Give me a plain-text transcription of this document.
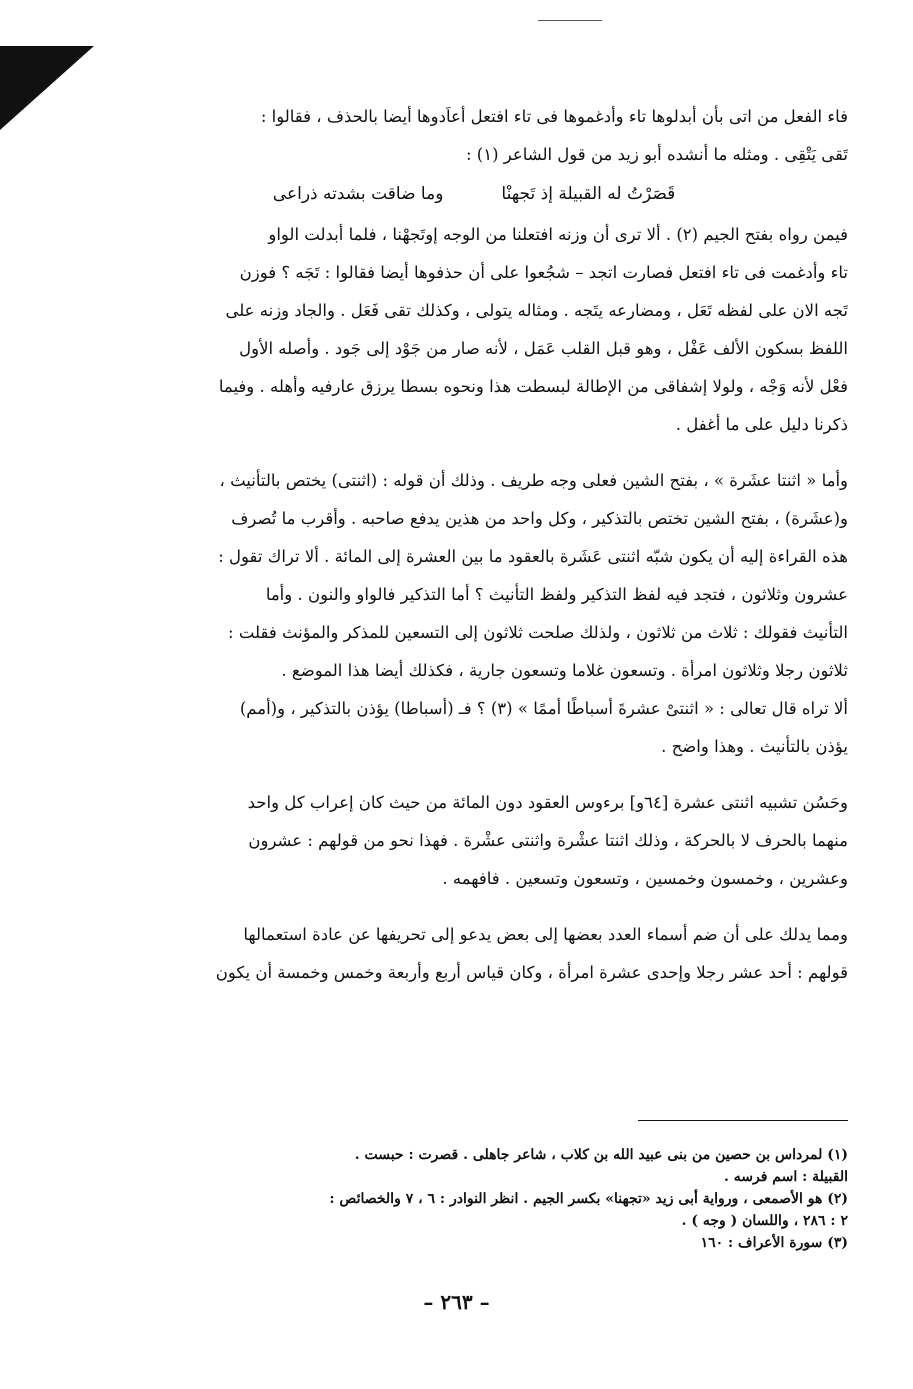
فاء الفعل من اتى بأن أبدلوها تاء وأدغموها فى تاء افتعل أعاَدوها أيضا بالحذف ، فقالوا :
تَقى يَتْقِى . ومثله ما أنشده أبو زيد من قول الشاعر (١) :
قَصَرْتُ له القبيلة إذ تَجهنْا
وما ضاقت بشدته ذراعى
فيمن رواه بفتح الجيم (٢) . ألا ترى أن وزنه افتعلنا من الوجه إوتَجهْنا ، فلما أبدلت الواو
تاء وأدغمت فى تاء افتعل فصارت اتجد – شجُعوا على أن حذفوها أيضا فقالوا : تَجَه ؟ فوزن
تَجه الان على لفظه تَعَل ، ومضارعه يتَجه . ومثاله يتولى ، وكذلك تقى فَعَل . والجاد وزنه على
اللفظ بسكون الألف عَفْل ، وهو قبل القلب عَمَل ، لأنه صار من جَوْد إلى جَود . وأصله الأول
فعْل لأنه وَجْه ، ولولا إشفاقى من الإطالة لبسطت هذا ونحوه بسطا يرزق عارفيه وأهله . وفيما
ذكرنا دليل على ما أغفل .
وأما « اثنتا عشَرة » ، بفتح الشين فعلى وجه طريف . وذلك أن قوله : (اثنتى) يختص بالتأنيث ،
و(عشَرة) ، بفتح الشين تختص بالتذكير ، وكل واحد من هذين يدفع صاحبه . وأقرب ما تُصرف
هذه القراءة إليه أن يكون شبّه اثنتى عَشَرة بالعقود ما بين العشرة إلى المائة . ألا تراك تقول :
عشرون وثلاثون ، فتجد فيه لفظ التذكير ولفظ التأنيث ؟ أما التذكير فالواو والنون . وأما
التأنيث فقولك : ثلاث من ثلاثون ، ولذلك صلحت ثلاثون إلى التسعين للمذكر والمؤنث فقلت :
ثلاثون رجلا وثلاثون امرأة . وتسعون غلاما وتسعون جارية ، فكذلك أيضا هذا الموضع .
ألا تراه قال تعالى : « اثنتىْ عشرةَ أسباطًا أممًا » (٣) ؟ فـ (أسباطا) يؤذن بالتذكير ، و(أمم)
يؤذن بالتأنيث . وهذا واضح .
وحَسُن تشبيه اثنتى عشرة [٦٤و] برءوس العقود دون المائة من حيث كان إعراب كل واحد
منهما بالحرف لا بالحركة ، وذلك اثنتا عشْرة واثنتى عشْرة . فهذا نحو من قولهم : عشرون
وعشرين ، وخمسون وخمسين ، وتسعون وتسعين . فافهمه .
ومما يدلك على أن ضم أسماء العدد بعضها إلى بعض يدعو إلى تحريفها عن عادة استعمالها
قولهم : أحد عشر رجلا وإحدى عشرة امرأة ، وكان قياس أربع وأربعة وخمس وخمسة أن يكون
(١) لمرداس بن حصين من بنى عبيد الله بن كلاب ، شاعر جاهلى . قصرت : حبست .
القبيلة : اسم فرسه .
(٢) هو الأصمعى ، ورواية أبى زيد «تجهنا» بكسر الجيم . انظر النوادر : ٦ ، ٧ والخصائص :
٢ : ٢٨٦ ، واللسان ( وجه ) .
(٣) سورة الأعراف : ١٦٠
– ٢٦٣ –
